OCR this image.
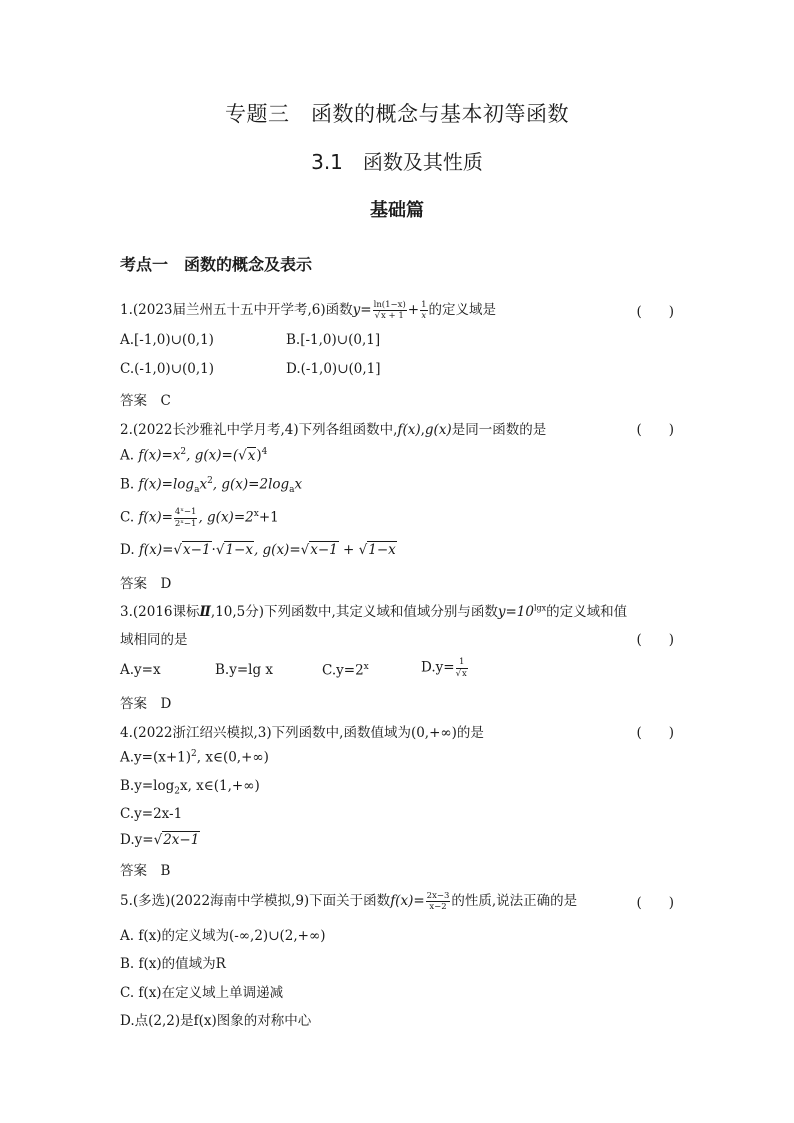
专题三　函数的概念与基本初等函数
3.1　函数及其性质
基础篇
考点一　函数的概念及表示
1.(2023届兰州五十五中开学考,6)函数$y= \frac{\ln(1-x)}{√x + 1} + \frac{1}{x}$ 的定义域是	(　　)
A.[-1,0)∪(0,1)	B.[-1,0)∪(0,1]
C.(-1,0)∪(0,1)	D.(-1,0)∪(0,1]
答案　 C
2.(2022长沙雅礼中学月考,4)下列各组函数中,f(x),g(x)是同一函数的是	(　　)
A. $f(x)=x^2$, $g(x)=(√x)^4$
B. $f(x)=\log_ax^2$, $g(x)=2\log_ax$
C. $f(x)= \frac{\text{4ˣ−1}}{\text{2ˣ−1}}$ , $g(x)=2^x+1$
D. f(x)=√x−1·√1−x, g(x)=√x−1 + √1−x
答案　 D
3.(2016课标Ⅱ,10,5分)下列函数中,其定义域和值域分别与函数$y=10^{lgx}$的定义域和值
域相同的是	(　　)
A.y=x	B.y=lg x	$C.y=2^x$	$D.y= \frac{1}{√x}$
答案　 D
4.(2022浙江绍兴模拟,3)下列函数中,函数值域为(0,+∞)的是	(　　)
$A.y=(x+1)^2$, x∈(0,+∞)
$B.y=\log_2x$, x∈(1,+∞)
C.y=2x-1
D.y=√2x−1
答案　 B
5.(多选)(2022海南中学模拟,9)下面关于函数$f(x)= \frac{2x-3}{x-2}$ 的性质,说法正确的是	(　　)
A. f(x)的定义域为(-∞,2)∪(2,+∞)
B. f(x)的值域为R
C. f(x)在定义域上单调递减
D.点(2,2)是f(x)图象的对称中心
